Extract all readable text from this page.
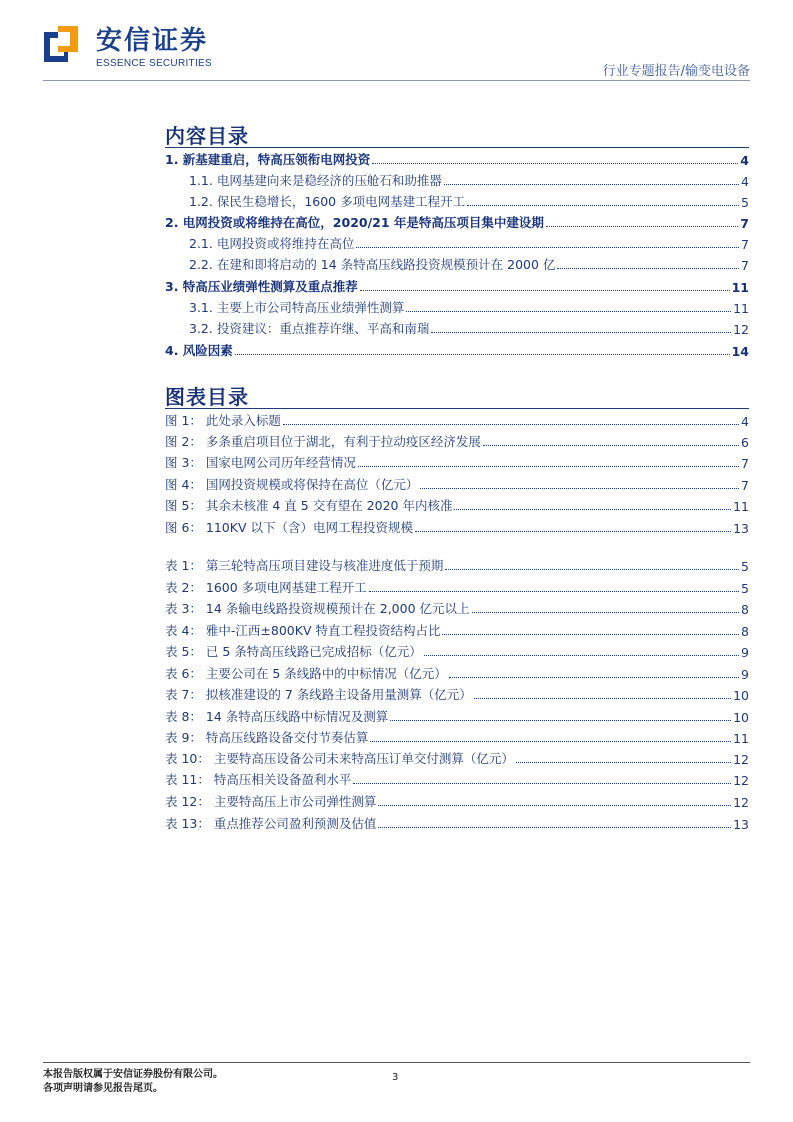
安信证券
ESSENCE SECURITIES
行业专题报告/输变电设备
内容目录
1. 新基建重启，特高压领衔电网投资	4
1.1. 电网基建向来是稳经济的压舱石和助推器	4
1.2. 保民生稳增长，1600 多项电网基建工程开工	5
2. 电网投资或将维持在高位，2020/21 年是特高压项目集中建设期	7
2.1. 电网投资或将维持在高位	7
2.2. 在建和即将启动的 14 条特高压线路投资规模预计在 2000 亿	7
3. 特高压业绩弹性测算及重点推荐	11
3.1. 主要上市公司特高压业绩弹性测算	11
3.2. 投资建议：重点推荐许继、平高和南瑞	12
4. 风险因素	14
图表目录
图 1： 此处录入标题	4
图 2： 多条重启项目位于湖北，有利于拉动疫区经济发展	6
图 3： 国家电网公司历年经营情况	7
图 4： 国网投资规模或将保持在高位（亿元）	7
图 5： 其余未核准 4 直 5 交有望在 2020 年内核准	11
图 6： 110KV 以下（含）电网工程投资规模	13
表 1： 第三轮特高压项目建设与核准进度低于预期	5
表 2： 1600 多项电网基建工程开工	5
表 3： 14 条输电线路投资规模预计在 2,000 亿元以上	8
表 4： 雅中-江西±800KV 特直工程投资结构占比	8
表 5： 已 5 条特高压线路已完成招标（亿元）	9
表 6： 主要公司在 5 条线路中的中标情况（亿元）	9
表 7： 拟核准建设的 7 条线路主设备用量测算（亿元）	10
表 8： 14 条特高压线路中标情况及测算	10
表 9： 特高压线路设备交付节奏估算	11
表 10： 主要特高压设备公司未来特高压订单交付测算（亿元）	12
表 11： 特高压相关设备盈利水平	12
表 12： 主要特高压上市公司弹性测算	12
表 13： 重点推荐公司盈利预测及估值	13
本报告版权属于安信证券股份有限公司。
各项声明请参见报告尾页。
3
